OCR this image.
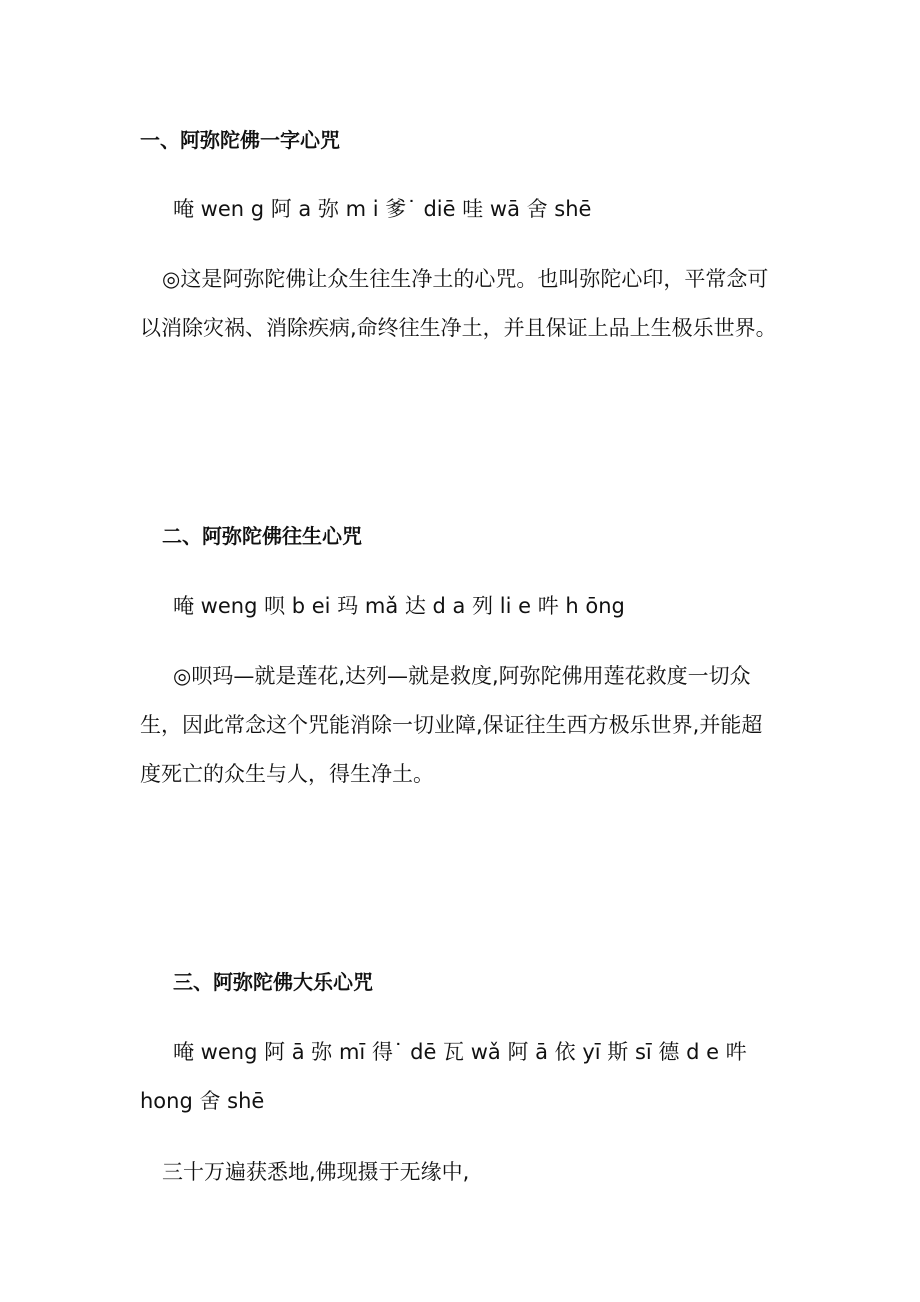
一、阿弥陀佛一字心咒
唵 wen g 阿 a 弥 m i 爹˙ diē 哇 wā 舍 shē
◎这是阿弥陀佛让众生往生净土的心咒。也叫弥陀心印，平常念可
以消除灾祸、消除疾病,命终往生净土，并且保证上品上生极乐世界。
二、阿弥陀佛往生心咒
唵 weng 呗 b ei 玛 mǎ 达 d a 列 li e 吽 h ōng
◎呗玛—就是莲花,达列—就是救度,阿弥陀佛用莲花救度一切众
生，因此常念这个咒能消除一切业障,保证往生西方极乐世界,并能超
度死亡的众生与人，得生净土。
三、阿弥陀佛大乐心咒
唵 weng 阿 ā 弥 mī 得˙ dē 瓦 wǎ 阿 ā 依 yī 斯 sī 德 d e 吽
hong 舍 shē
三十万遍获悉地,佛现摄于无缘中,
